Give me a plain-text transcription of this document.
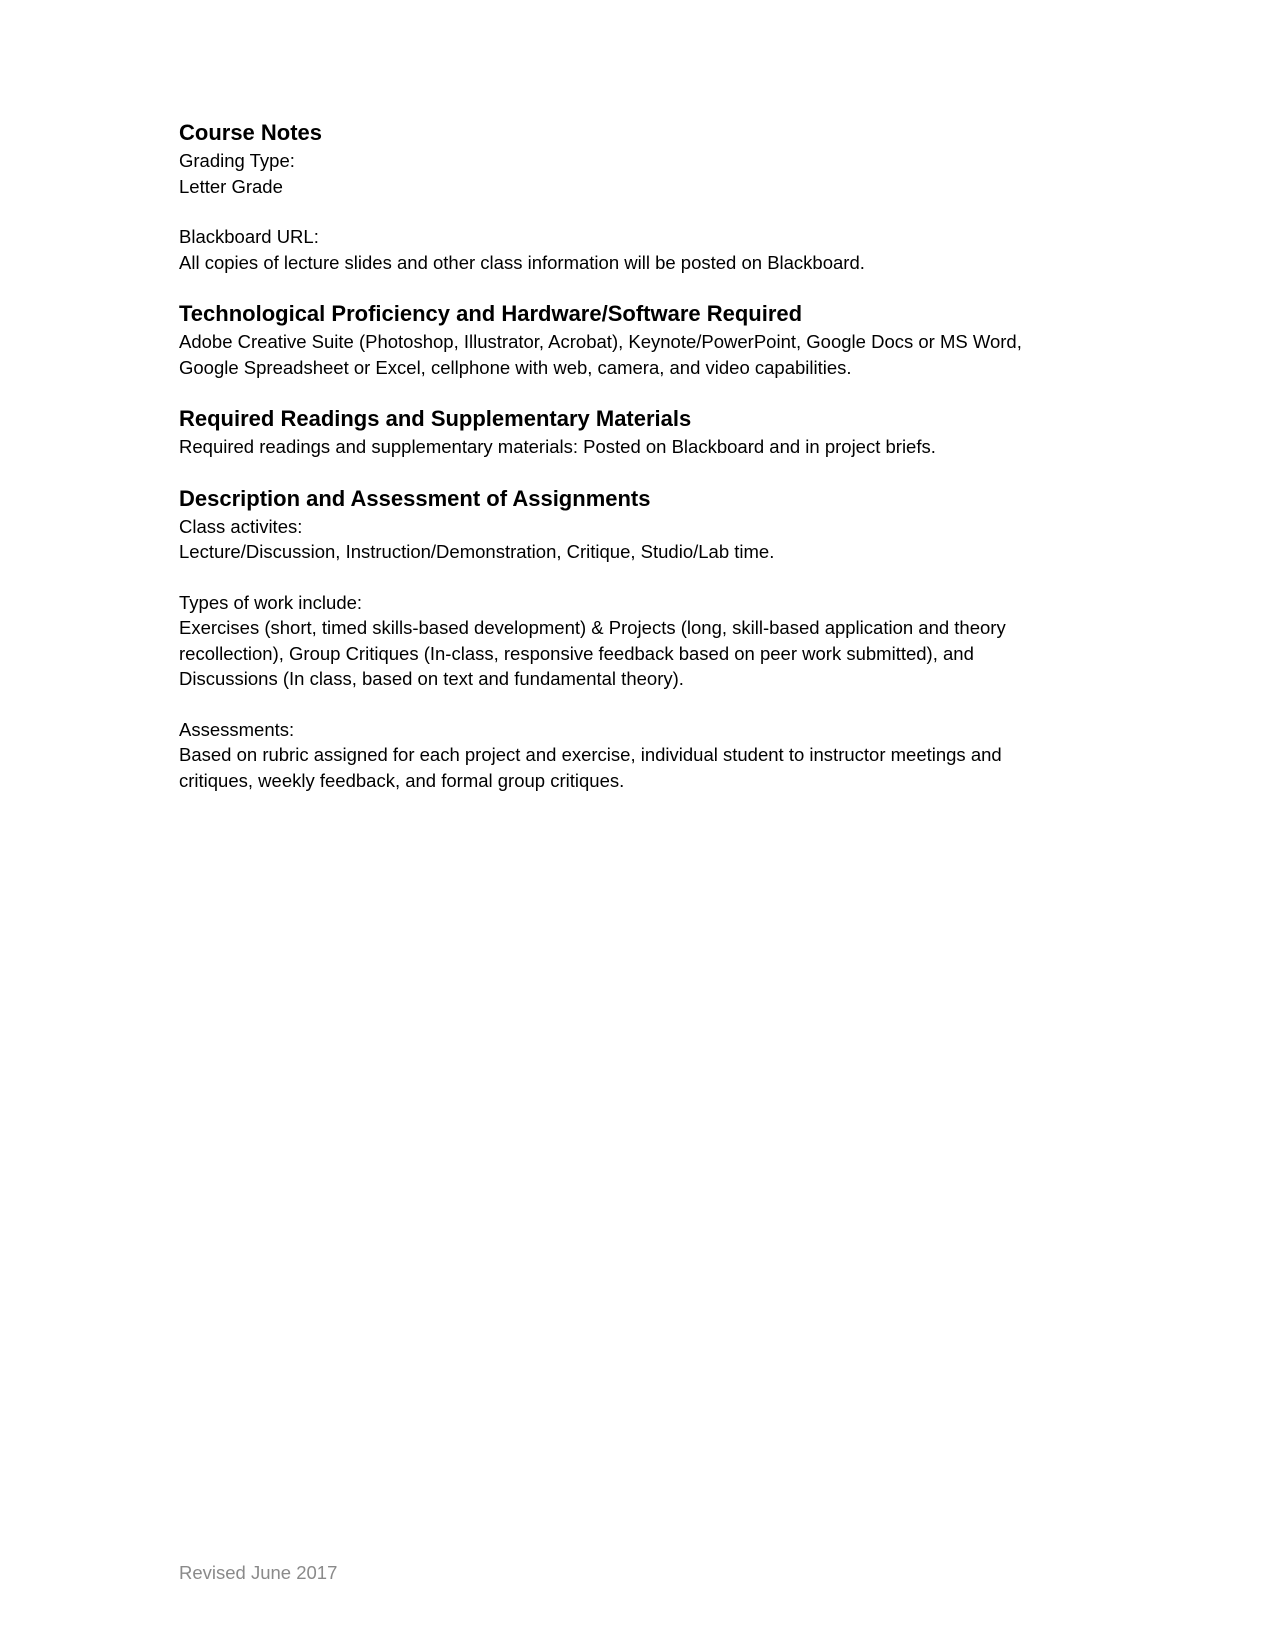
Course Notes

Grading Type:

Letter Grade

Blackboard URL:

All copies of lecture slides and other class information will be posted on Blackboard.

Technological Proficiency and Hardware/Software Required

Adobe Creative Suite (Photoshop, Illustrator, Acrobat), Keynote/PowerPoint, Google Docs or MS Word,

Google Spreadsheet or Excel, cellphone with web, camera, and video capabilities.

Required Readings and Supplementary Materials

Required readings and supplementary materials: Posted on Blackboard and in project briefs.

Description and Assessment of Assignments

Class activites:

Lecture/Discussion, Instruction/Demonstration, Critique, Studio/Lab time.

Types of work include:

Exercises (short, timed skills-based development) & Projects (long, skill-based application and theory

recollection), Group Critiques (In-class, responsive feedback based on peer work submitted), and

Discussions (In class, based on text and fundamental theory).

Assessments:

Based on rubric assigned for each project and exercise, individual student to instructor meetings and

critiques, weekly feedback, and formal group critiques.

Revised June 2017
